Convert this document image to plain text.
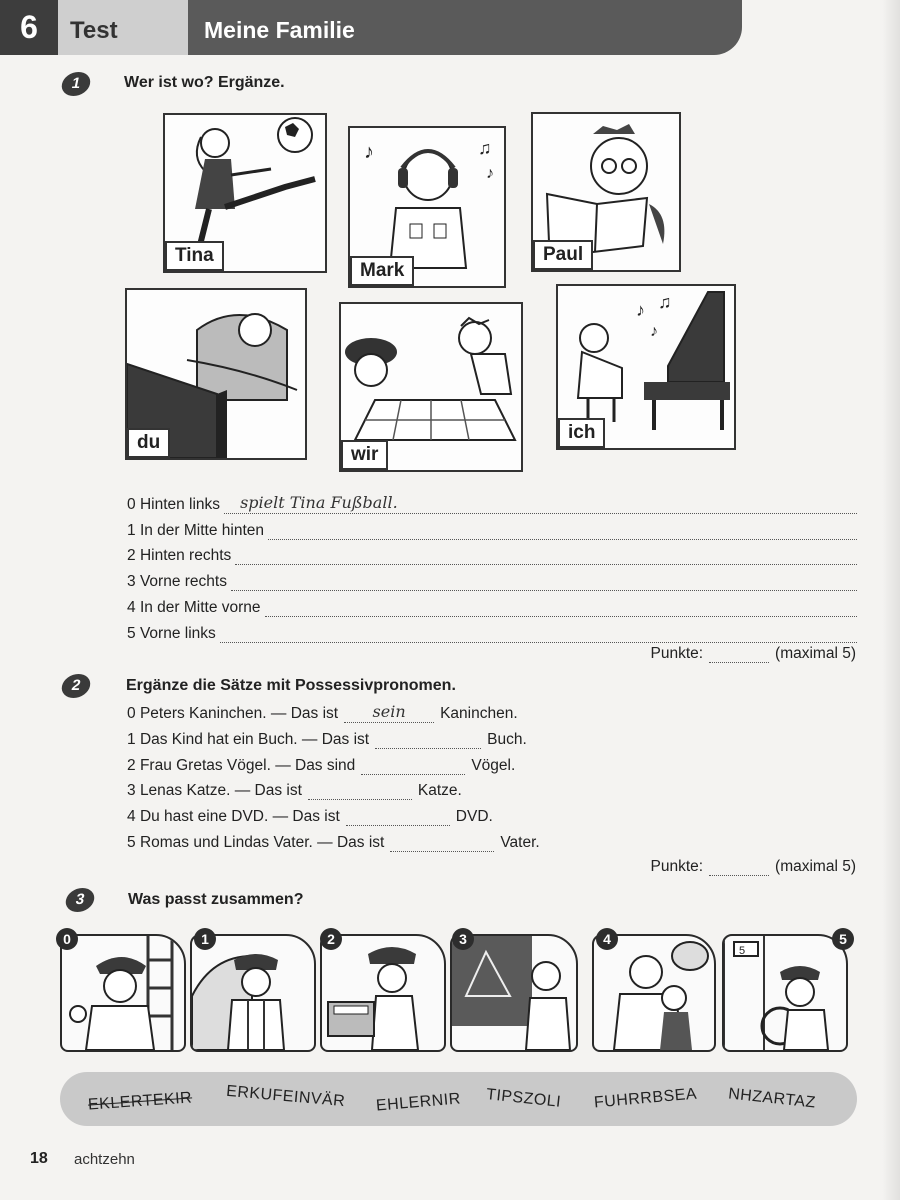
6	Test	Meine Familie
1	Wer ist wo? Ergänze.
Tina
♪	♫
♪
Mark
Paul
du
wir
♪ ♫
♪
ich
0
Hinten links spielt Tina Fußball.
1
In der Mitte hinten
2
Hinten rechts
3
Vorne rechts
4
In der Mitte vorne
5
Vorne links
Punkte:	(maximal 5)
2	Ergänze die Sätze mit Possessivpronomen.
0
Peters Kaninchen. — Das ist sein Kaninchen.
1
Das Kind hat ein Buch. — Das ist	Buch.
2
Frau Gretas Vögel. — Das sind	Vögel.
3
Lenas Katze. — Das ist	Katze.
4
Du hast eine DVD. — Das ist	DVD.
5
Romas und Lindas Vater. — Das ist	Vater.
Punkte:	(maximal 5)
3	Was passt zusammen?
0	1	2	3	4
5
5
EKLERTEKIR ERKUFEINVÄR EHLERNIR TIPSZOLI FUHRRBSEA NHZARTAZ
18 achtzehn
